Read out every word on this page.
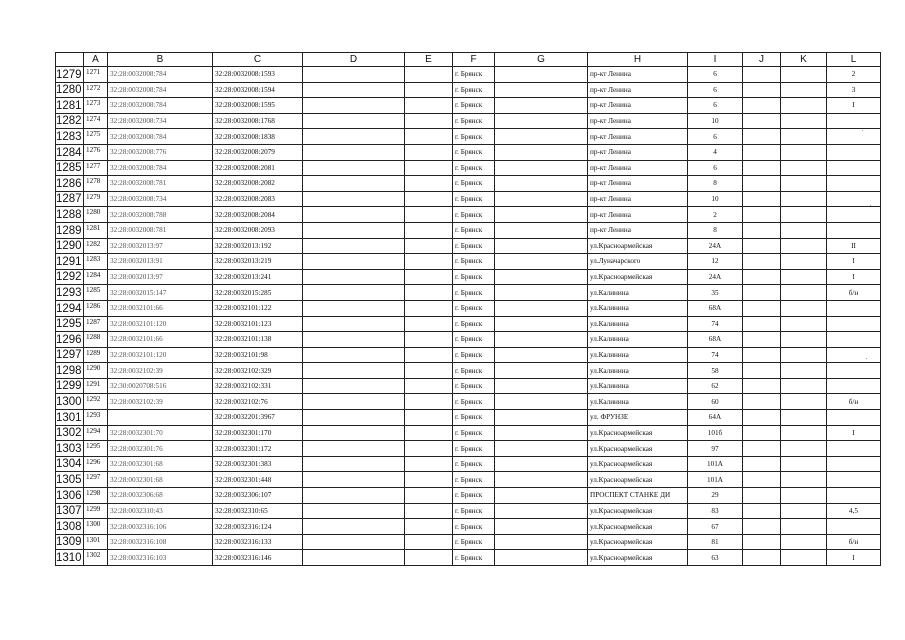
	A	B	C	D	E	F	G	H	I	J	K	L
1279	1271	32:28:0032008:784	32:28:0032008:1593			г. Брянск		пр-кт Ленина	6			2
1280	1272	32:28:0032008:784	32:28:0032008:1594			г. Брянск		пр-кт Ленина	6			3
1281	1273	32:28:0032008:784	32:28:0032008:1595			г. Брянск		пр-кт Ленина	6			I
1282	1274	32:28:0032008:734	32:28:0032008:1768			г. Брянск		пр-кт Ленина	10			
1283	1275	32:28:0032008:784	32:28:0032008:1838			г. Брянск		пр-кт Ленина	6			
1284	1276	32:28:0032008:776	32:28:0032008:2079			г. Брянск		пр-кт Ленина	4			
1285	1277	32:28:0032008:784	32:28:0032008:2081			г. Брянск		пр-кт Ленина	6			
1286	1278	32:28:0032008:781	32:28:0032008:2082			г. Брянск		пр-кт Ленина	8			
1287	1279	32:28:0032008:734	32:28:0032008:2083			г. Брянск		пр-кт Ленина	10			
1288	1280	32:28:0032008:788	32:28:0032008:2084			г. Брянск		пр-кт Ленина	2			
1289	1281	32:28:0032008:781	32:28:0032008:2093			г. Брянск		пр-кт Ленина	8			
1290	1282	32:28:0032013:97	32:28:0032013:192			г. Брянск		ул.Красноармейская	24А			II
1291	1283	32:28:0032013:91	32:28:0032013:219			г. Брянск		ул.Луначарского	12			I
1292	1284	32:28:0032013:97	32:28:0032013:241			г. Брянск		ул.Красноармейская	24А			I
1293	1285	32:28:0032015:147	32:28:0032015:285			г. Брянск		ул.Калинина	35			б/н
1294	1286	32:28:0032101:66	32:28:0032101:122			г. Брянск		ул.Калинина	68А			
1295	1287	32:28:0032101:120	32:28:0032101:123			г. Брянск		ул.Калинина	74			
1296	1288	32:28:0032101:66	32:28:0032101:138			г. Брянск		ул.Калинина	68А			
1297	1289	32:28:0032101:120	32:28:0032101:98			г. Брянск		ул.Калинина	74			
1298	1290	32:28:0032102:39	32:28:0032102:329			г. Брянск		ул.Калинина	58			
1299	1291	32:30:0020708:516	32:28:0032102:331			г. Брянск		ул.Калинина	62			
1300	1292	32:28:0032102:39	32:28:0032102:76			г. Брянск		ул.Калинина	60			б/н
1301	1293		32:28:0032201:3967			г. Брянск		ул. ФРУНЗЕ	64А			
1302	1294	32:28:0032301:70	32:28:0032301:170			г. Брянск		ул.Красноармейская	101б			I
1303	1295	32:28:0032301:76	32:28:0032301:172			г. Брянск		ул.Красноармейская	97			
1304	1296	32:28:0032301:68	32:28:0032301:383			г. Брянск		ул.Красноармейская	101А			
1305	1297	32:28:0032301:68	32:28:0032301:448			г. Брянск		ул.Красноармейская	101А			
1306	1298	32:28:0032306:68	32:28:0032306:107			г. Брянск		ПРОСПЕКТ СТАНКЕ ДИ	29			
1307	1299	32:28:0032310:43	32:28:0032310:65			г. Брянск		ул.Красноармейская	83			4,5
1308	1300	32:28:0032316:106	32:28:0032316:124			г. Брянск		ул.Красноармейская	67			
1309	1301	32:28:0032316:108	32:28:0032316:133			г. Брянск		ул.Красноармейская	81			б/н
1310	1302	32:28:0032316:103	32:28:0032316:146			г. Брянск		ул.Красноармейская	63			I
